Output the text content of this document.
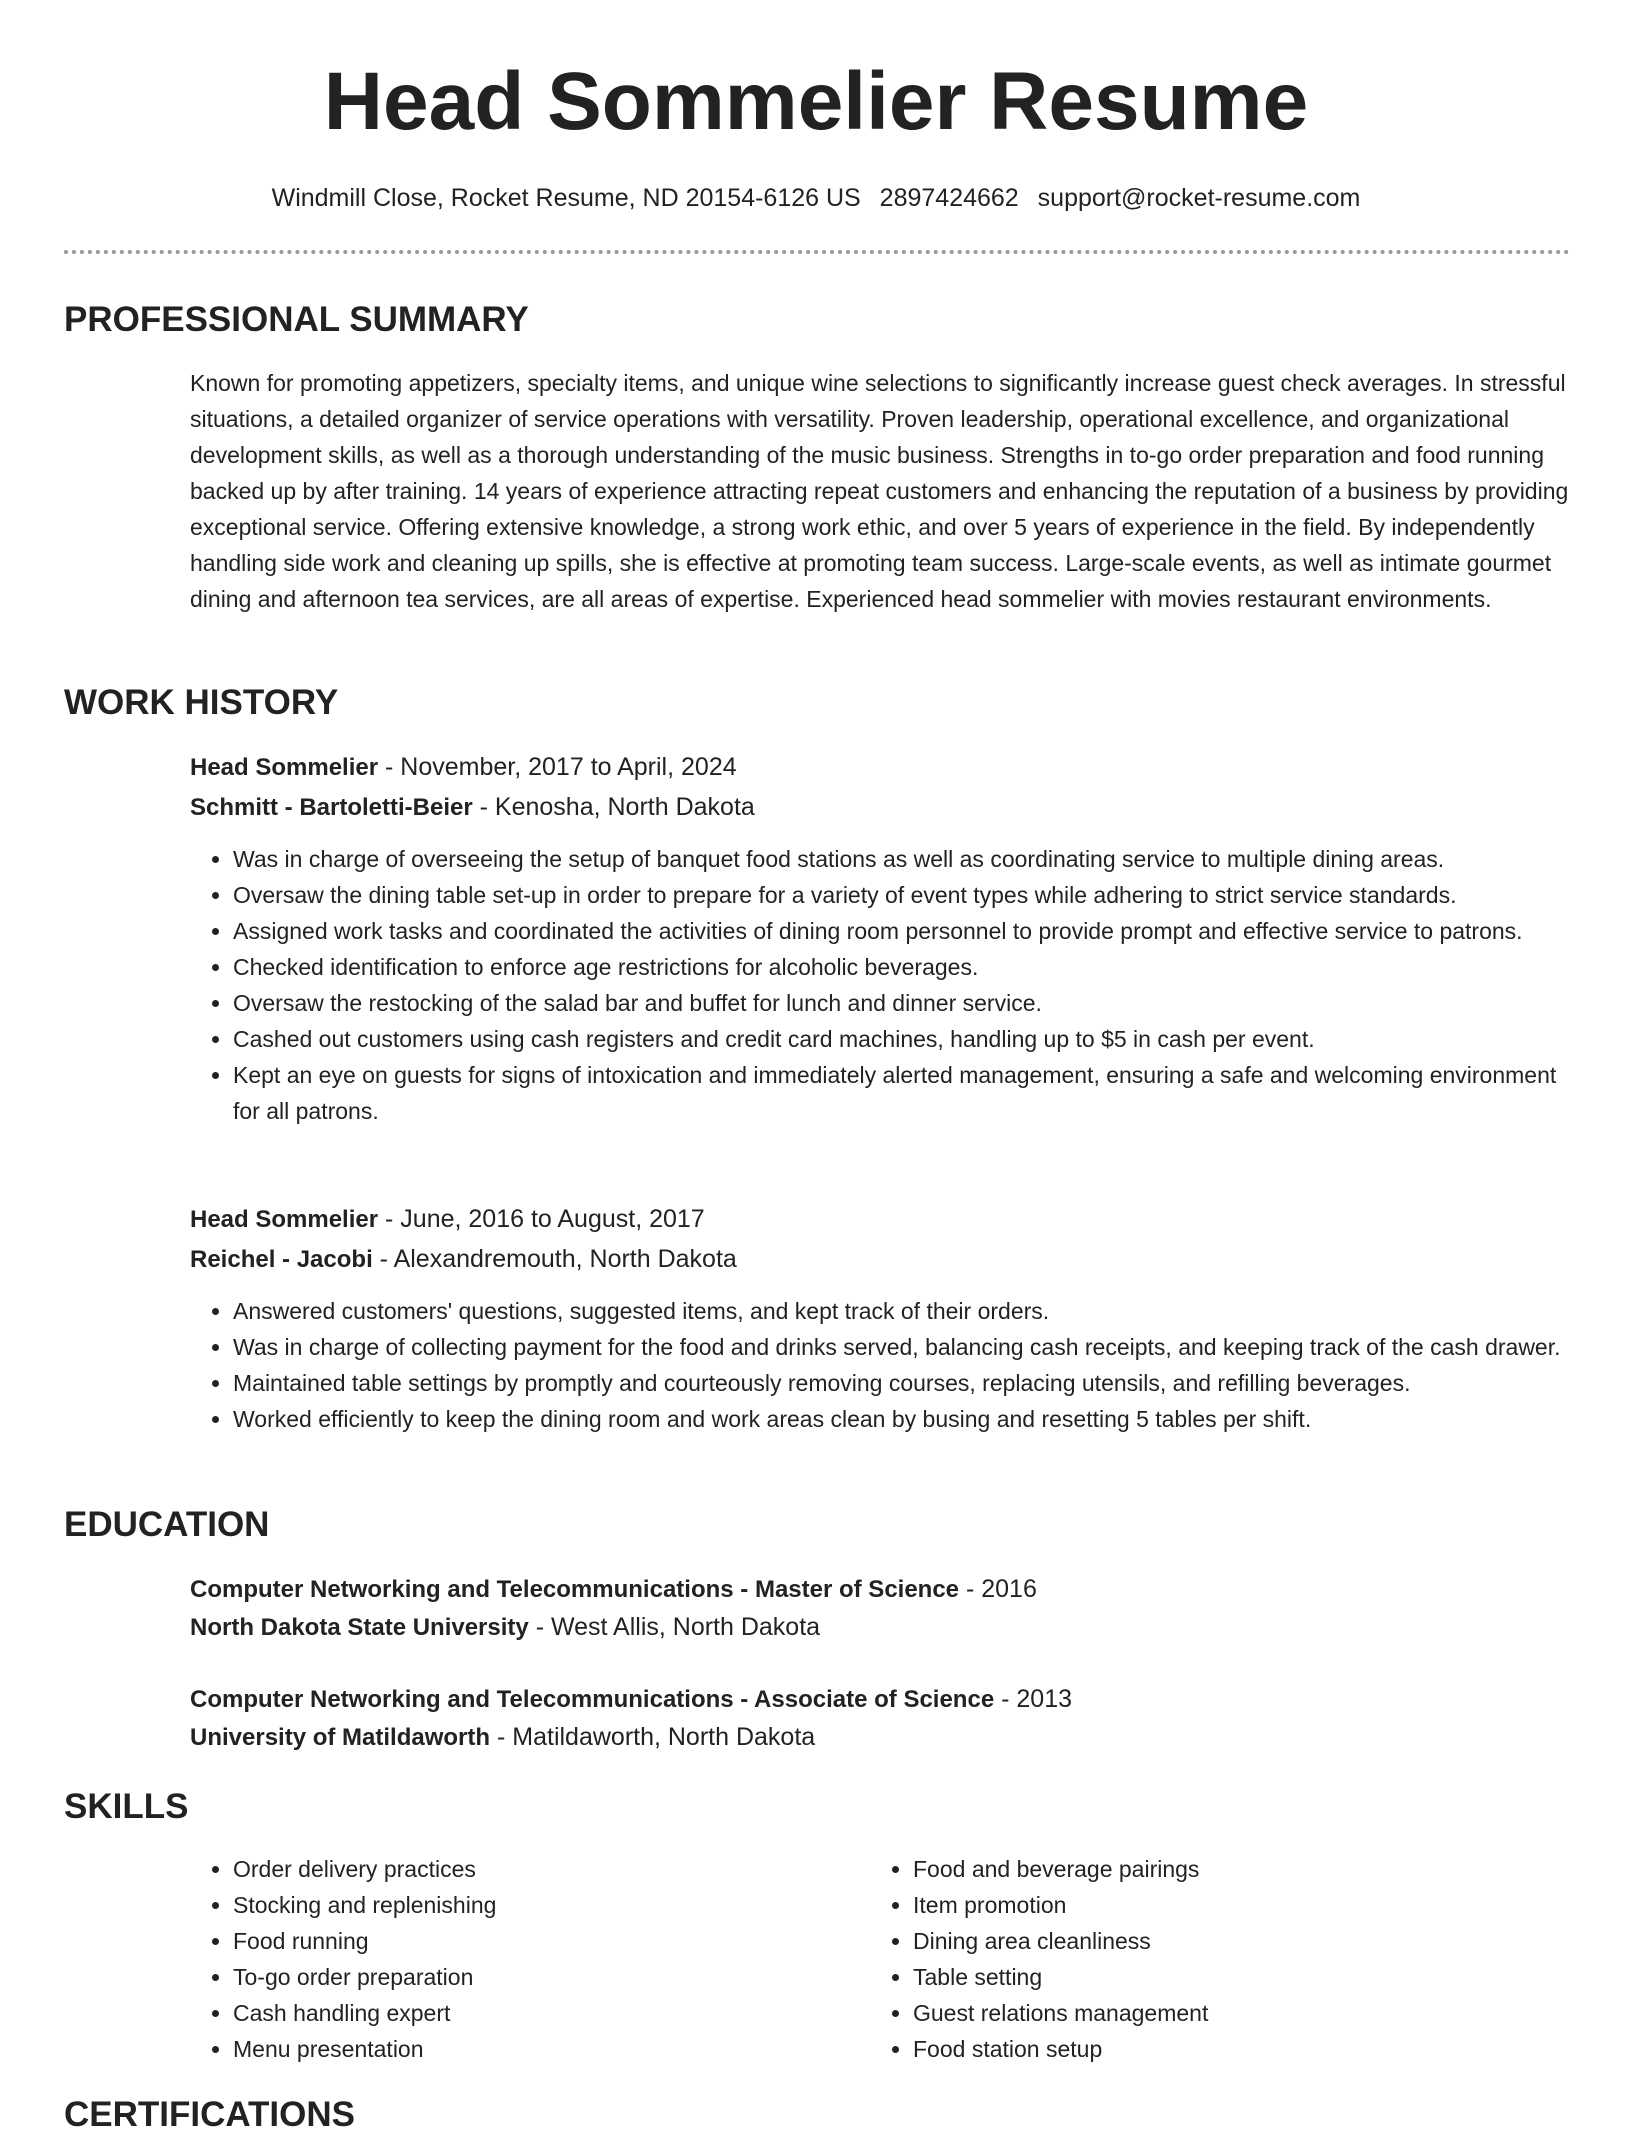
Head Sommelier Resume
Windmill Close, Rocket Resume, ND 20154-6126 US 2897424662 support@rocket-resume.com
PROFESSIONAL SUMMARY

Known for promoting appetizers, specialty items, and unique wine selections to significantly increase guest check averages. In stressful situations, a detailed organizer of service operations with versatility. Proven leadership, operational excellence, and organizational development skills, as well as a thorough understanding of the music business. Strengths in to-go order preparation and food running backed up by after training. 14 years of experience attracting repeat customers and enhancing the reputation of a business by providing exceptional service. Offering extensive knowledge, a strong work ethic, and over 5 years of experience in the field. By independently handling side work and cleaning up spills, she is effective at promoting team success. Large-scale events, as well as intimate gourmet dining and afternoon tea services, are all areas of expertise. Experienced head sommelier with movies restaurant environments.

WORK HISTORY
Head Sommelier - November, 2017 to April, 2024
Schmitt - Bartoletti-Beier - Kenosha, North Dakota
• Was in charge of overseeing the setup of banquet food stations as well as coordinating service to multiple dining areas.
• Oversaw the dining table set-up in order to prepare for a variety of event types while adhering to strict service standards.
• Assigned work tasks and coordinated the activities of dining room personnel to provide prompt and effective service to patrons.
• Checked identification to enforce age restrictions for alcoholic beverages.
• Oversaw the restocking of the salad bar and buffet for lunch and dinner service.
• Cashed out customers using cash registers and credit card machines, handling up to $5 in cash per event.
• Kept an eye on guests for signs of intoxication and immediately alerted management, ensuring a safe and welcoming environment for all patrons.
Head Sommelier - June, 2016 to August, 2017
Reichel - Jacobi - Alexandremouth, North Dakota
• Answered customers' questions, suggested items, and kept track of their orders.
• Was in charge of collecting payment for the food and drinks served, balancing cash receipts, and keeping track of the cash drawer.
• Maintained table settings by promptly and courteously removing courses, replacing utensils, and refilling beverages.
• Worked efficiently to keep the dining room and work areas clean by busing and resetting 5 tables per shift.
EDUCATION
Computer Networking and Telecommunications - Master of Science - 2016
North Dakota State University - West Allis, North Dakota
Computer Networking and Telecommunications - Associate of Science - 2013
University of Matildaworth - Matildaworth, North Dakota
SKILLS
• Order delivery practices
• Stocking and replenishing
• Food running
• To-go order preparation
• Cash handling expert
• Menu presentation
• Food and beverage pairings
• Item promotion
• Dining area cleanliness
• Table setting
• Guest relations management
• Food station setup
CERTIFICATIONS
